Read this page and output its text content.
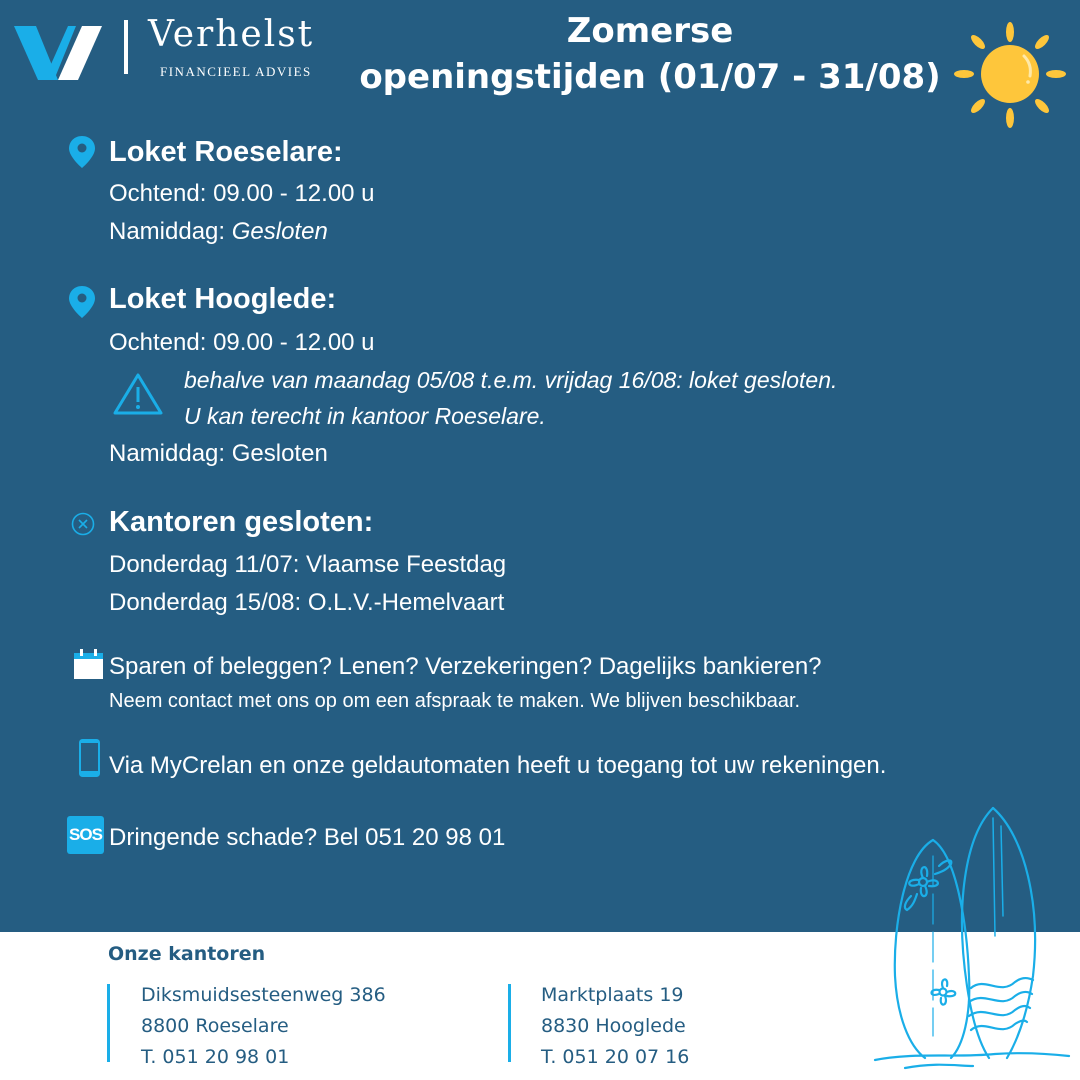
Verhelst
FINANCIEEL ADVIES
Zomerse
openingstijden (01/07 - 31/08)
Loket Roeselare:
Ochtend: 09.00 - 12.00 u
Namiddag: Gesloten
Loket Hooglede:
Ochtend: 09.00 - 12.00 u
behalve van maandag 05/08 t.e.m. vrijdag 16/08: loket gesloten.
U kan terecht in kantoor Roeselare.
Namiddag: Gesloten
Kantoren gesloten:
Donderdag 11/07: Vlaamse Feestdag
Donderdag 15/08: O.L.V.-Hemelvaart
Sparen of beleggen? Lenen? Verzekeringen? Dagelijks bankieren?
Neem contact met ons op om een afspraak te maken. We blijven beschikbaar.
Via MyCrelan en onze geldautomaten heeft u toegang tot uw rekeningen.
SOS Dringende schade? Bel 051 20 98 01
Onze kantoren
Diksmuidsesteenweg 386
8800 Roeselare
T. 051 20 98 01
Marktplaats 19
8830 Hooglede
T. 051 20 07 16
